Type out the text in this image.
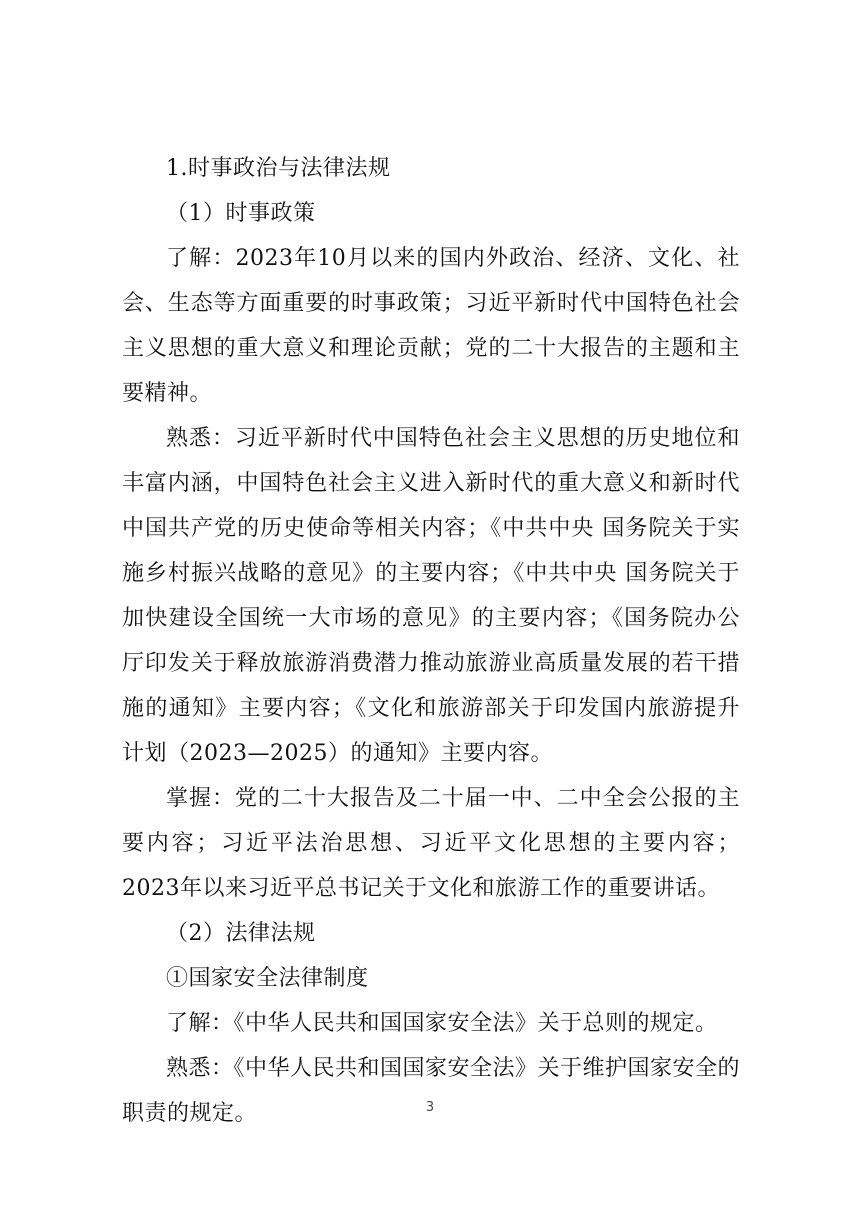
1.时事政治与法律法规

（1）时事政策

了解：2023年10月以来的国内外政治、经济、文化、社会、生态等方面重要的时事政策；习近平新时代中国特色社会主义思想的重大意义和理论贡献；党的二十大报告的主题和主要精神。

熟悉：习近平新时代中国特色社会主义思想的历史地位和丰富内涵，中国特色社会主义进入新时代的重大意义和新时代中国共产党的历史使命等相关内容；《中共中央 国务院关于实施乡村振兴战略的意见》的主要内容；《中共中央 国务院关于加快建设全国统一大市场的意见》的主要内容；《国务院办公厅印发关于释放旅游消费潜力推动旅游业高质量发展的若干措施的通知》主要内容；《文化和旅游部关于印发国内旅游提升计划（2023—2025）的通知》主要内容。

掌握：党的二十大报告及二十届一中、二中全会公报的主要内容；习近平法治思想、习近平文化思想的主要内容；2023年以来习近平总书记关于文化和旅游工作的重要讲话。

（2）法律法规

①国家安全法律制度

了解：《中华人民共和国国家安全法》关于总则的规定。

熟悉：《中华人民共和国国家安全法》关于维护国家安全的职责的规定。	3
